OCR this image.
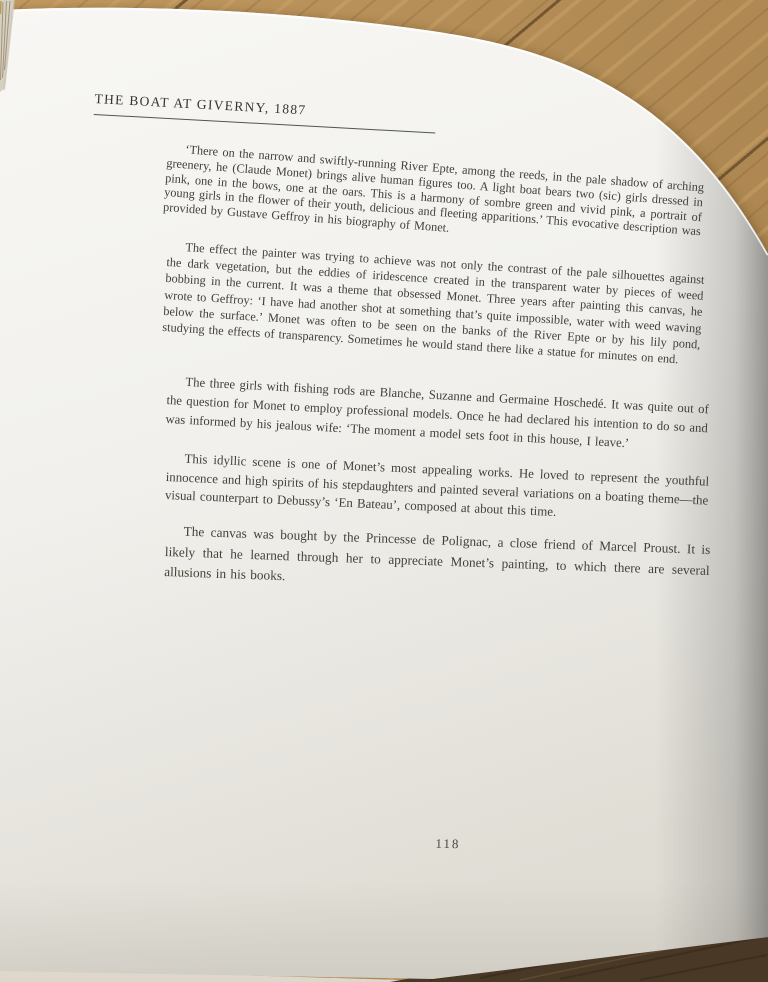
THE BOAT AT GIVERNY, 1887

‘There on the narrow and swiftly-running River Epte, among the reeds, in the pale shadow of arching greenery, he (Claude Monet) brings alive human figures too. A light boat bears two (sic) girls dressed in pink, one in the bows, one at the oars. This is a harmony of sombre green and vivid pink, a portrait of young girls in the flower of their youth, delicious and fleeting apparitions.’ This evocative description was provided by Gustave Geffroy in his biography of Monet.

The effect the painter was trying to achieve was not only the contrast of the pale silhouettes against the dark vegetation, but the eddies of iridescence created in the transparent water by pieces of weed bobbing in the current. It was a theme that obsessed Monet. Three years after painting this canvas, he wrote to Geffroy: ‘I have had another shot at something that’s quite impossible, water with weed waving below the surface.’ Monet was often to be seen on the banks of the River Epte or by his lily pond, studying the effects of transparency. Sometimes he would stand there like a statue for minutes on end.

The three girls with fishing rods are Blanche, Suzanne and Germaine Hoschedé. It was quite out of the question for Monet to employ professional models. Once he had declared his intention to do so and was informed by his jealous wife: ‘The moment a model sets foot in this house, I leave.’

This idyllic scene is one of Monet’s most appealing works. He loved to represent the youthful innocence and high spirits of his stepdaughters and painted several variations on a boating theme—the visual counterpart to Debussy’s ‘En Bateau’, composed at about this time.

The canvas was bought by the Princesse de Polignac, a close friend of Marcel Proust. It is likely that he learned through her to appreciate Monet’s painting, to which there are several allusions in his books.

118
